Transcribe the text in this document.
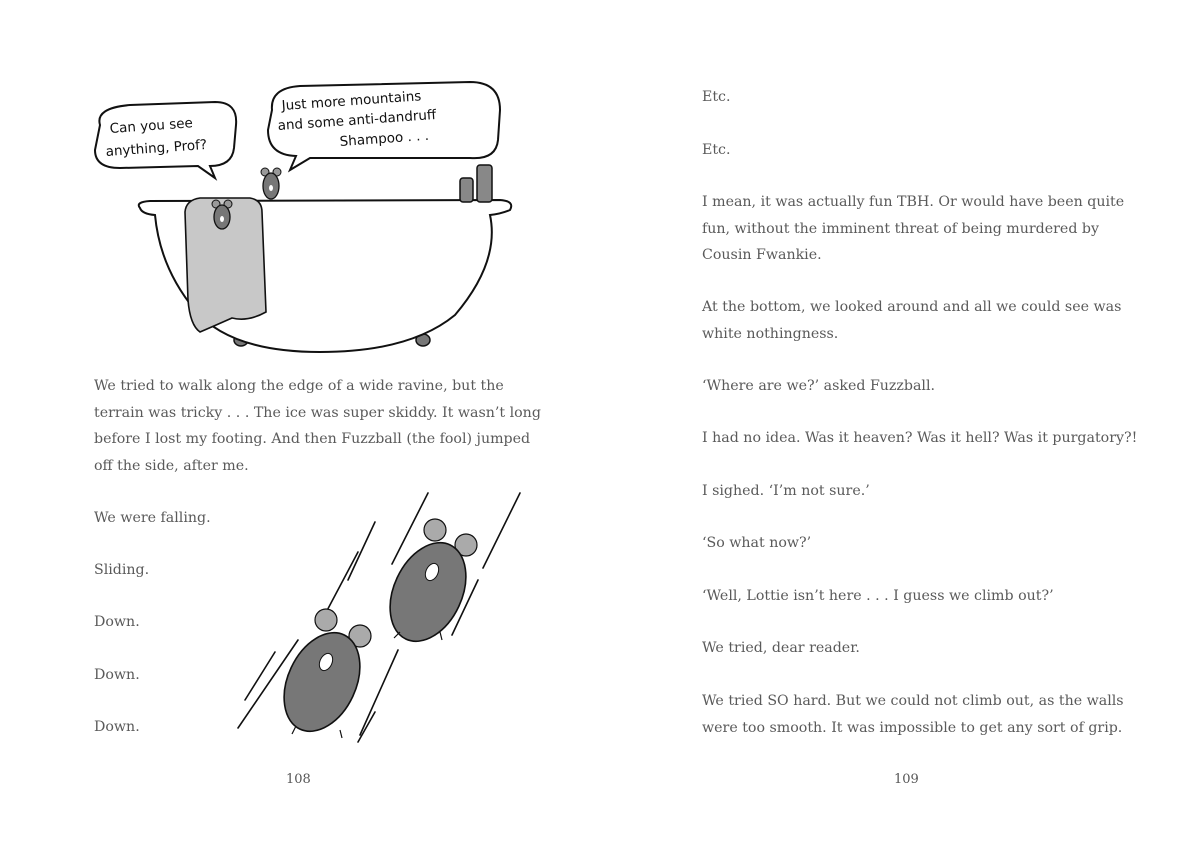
Can you see
anything, Prof?
Just more mountains
and some anti-dandruff
Shampoo . . .

We tried to walk along the edge of a wide ravine, but the
terrain was tricky . . . The ice was super skiddy. It wasn’t long
before I lost my footing. And then Fuzzball (the fool) jumped
off the side, after me.

We were falling.

Sliding.

Down.

Down.

Down.

108

Etc.

Etc.

I mean, it was actually fun TBH. Or would have been quite
fun, without the imminent threat of being murdered by
Cousin Fwankie.

At the bottom, we looked around and all we could see was
white nothingness.

‘Where are we?’ asked Fuzzball.

I had no idea. Was it heaven? Was it hell? Was it purgatory?!

I sighed. ‘I’m not sure.’

‘So what now?’

‘Well, Lottie isn’t here . . . I guess we climb out?’

We tried, dear reader.

We tried SO hard. But we could not climb out, as the walls
were too smooth. It was impossible to get any sort of grip.

109
